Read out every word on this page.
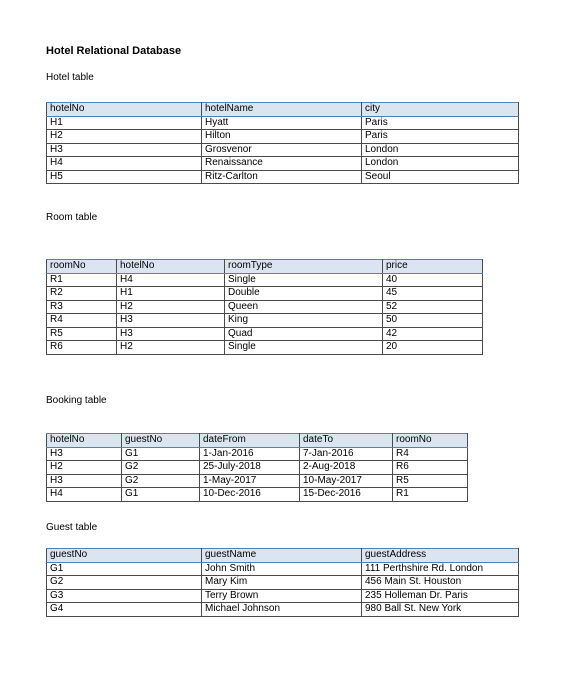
Hotel Relational Database
Hotel table
hotelNo	hotelName	city
H1	Hyatt	Paris
H2	Hilton	Paris
H3	Grosvenor	London
H4	Renaissance	London
H5	Ritz-Carlton	Seoul
Room table
roomNo	hotelNo	roomType	price
R1	H4	Single	40
R2	H1	Double	45
R3	H2	Queen	52
R4	H3	King	50
R5	H3	Quad	42
R6	H2	Single	20
Booking table
hotelNo	guestNo	dateFrom	dateTo	roomNo
H3	G1	1-Jan-2016	7-Jan-2016	R4
H2	G2	25-July-2018	2-Aug-2018	R6
H3	G2	1-May-2017	10-May-2017	R5
H4	G1	10-Dec-2016	15-Dec-2016	R1
Guest table
guestNo	guestName	guestAddress
G1	John Smith	111 Perthshire Rd. London
G2	Mary Kim	456 Main St. Houston
G3	Terry Brown	235 Holleman Dr. Paris
G4	Michael Johnson	980 Ball St. New York
